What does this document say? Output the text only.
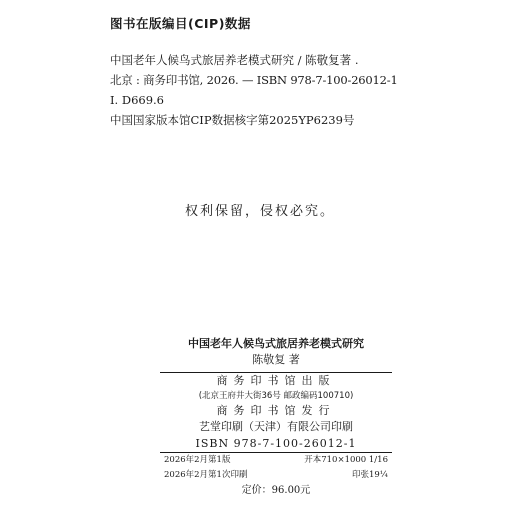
图书在版编目(CIP)数据
中国老年人候鸟式旅居养老模式研究 / 陈敬复著 .
北京 : 商务印书馆, 2026. — ISBN 978-7-100-26012-1
Ⅰ. D669.6
中国国家版本馆CIP数据核字第2025YP6239号
权利保留，侵权必究。
中国老年人候鸟式旅居养老模式研究
陈敬复 著
商务印书馆出版
(北京王府井大街36号 邮政编码100710)
商务印书馆发行
艺堂印刷（天津）有限公司印刷
ISBN 978-7-100-26012-1
2026年2月第1版	开本710×1000 1/16
2026年2月第1次印刷	印张19¼
定价：96.00元
